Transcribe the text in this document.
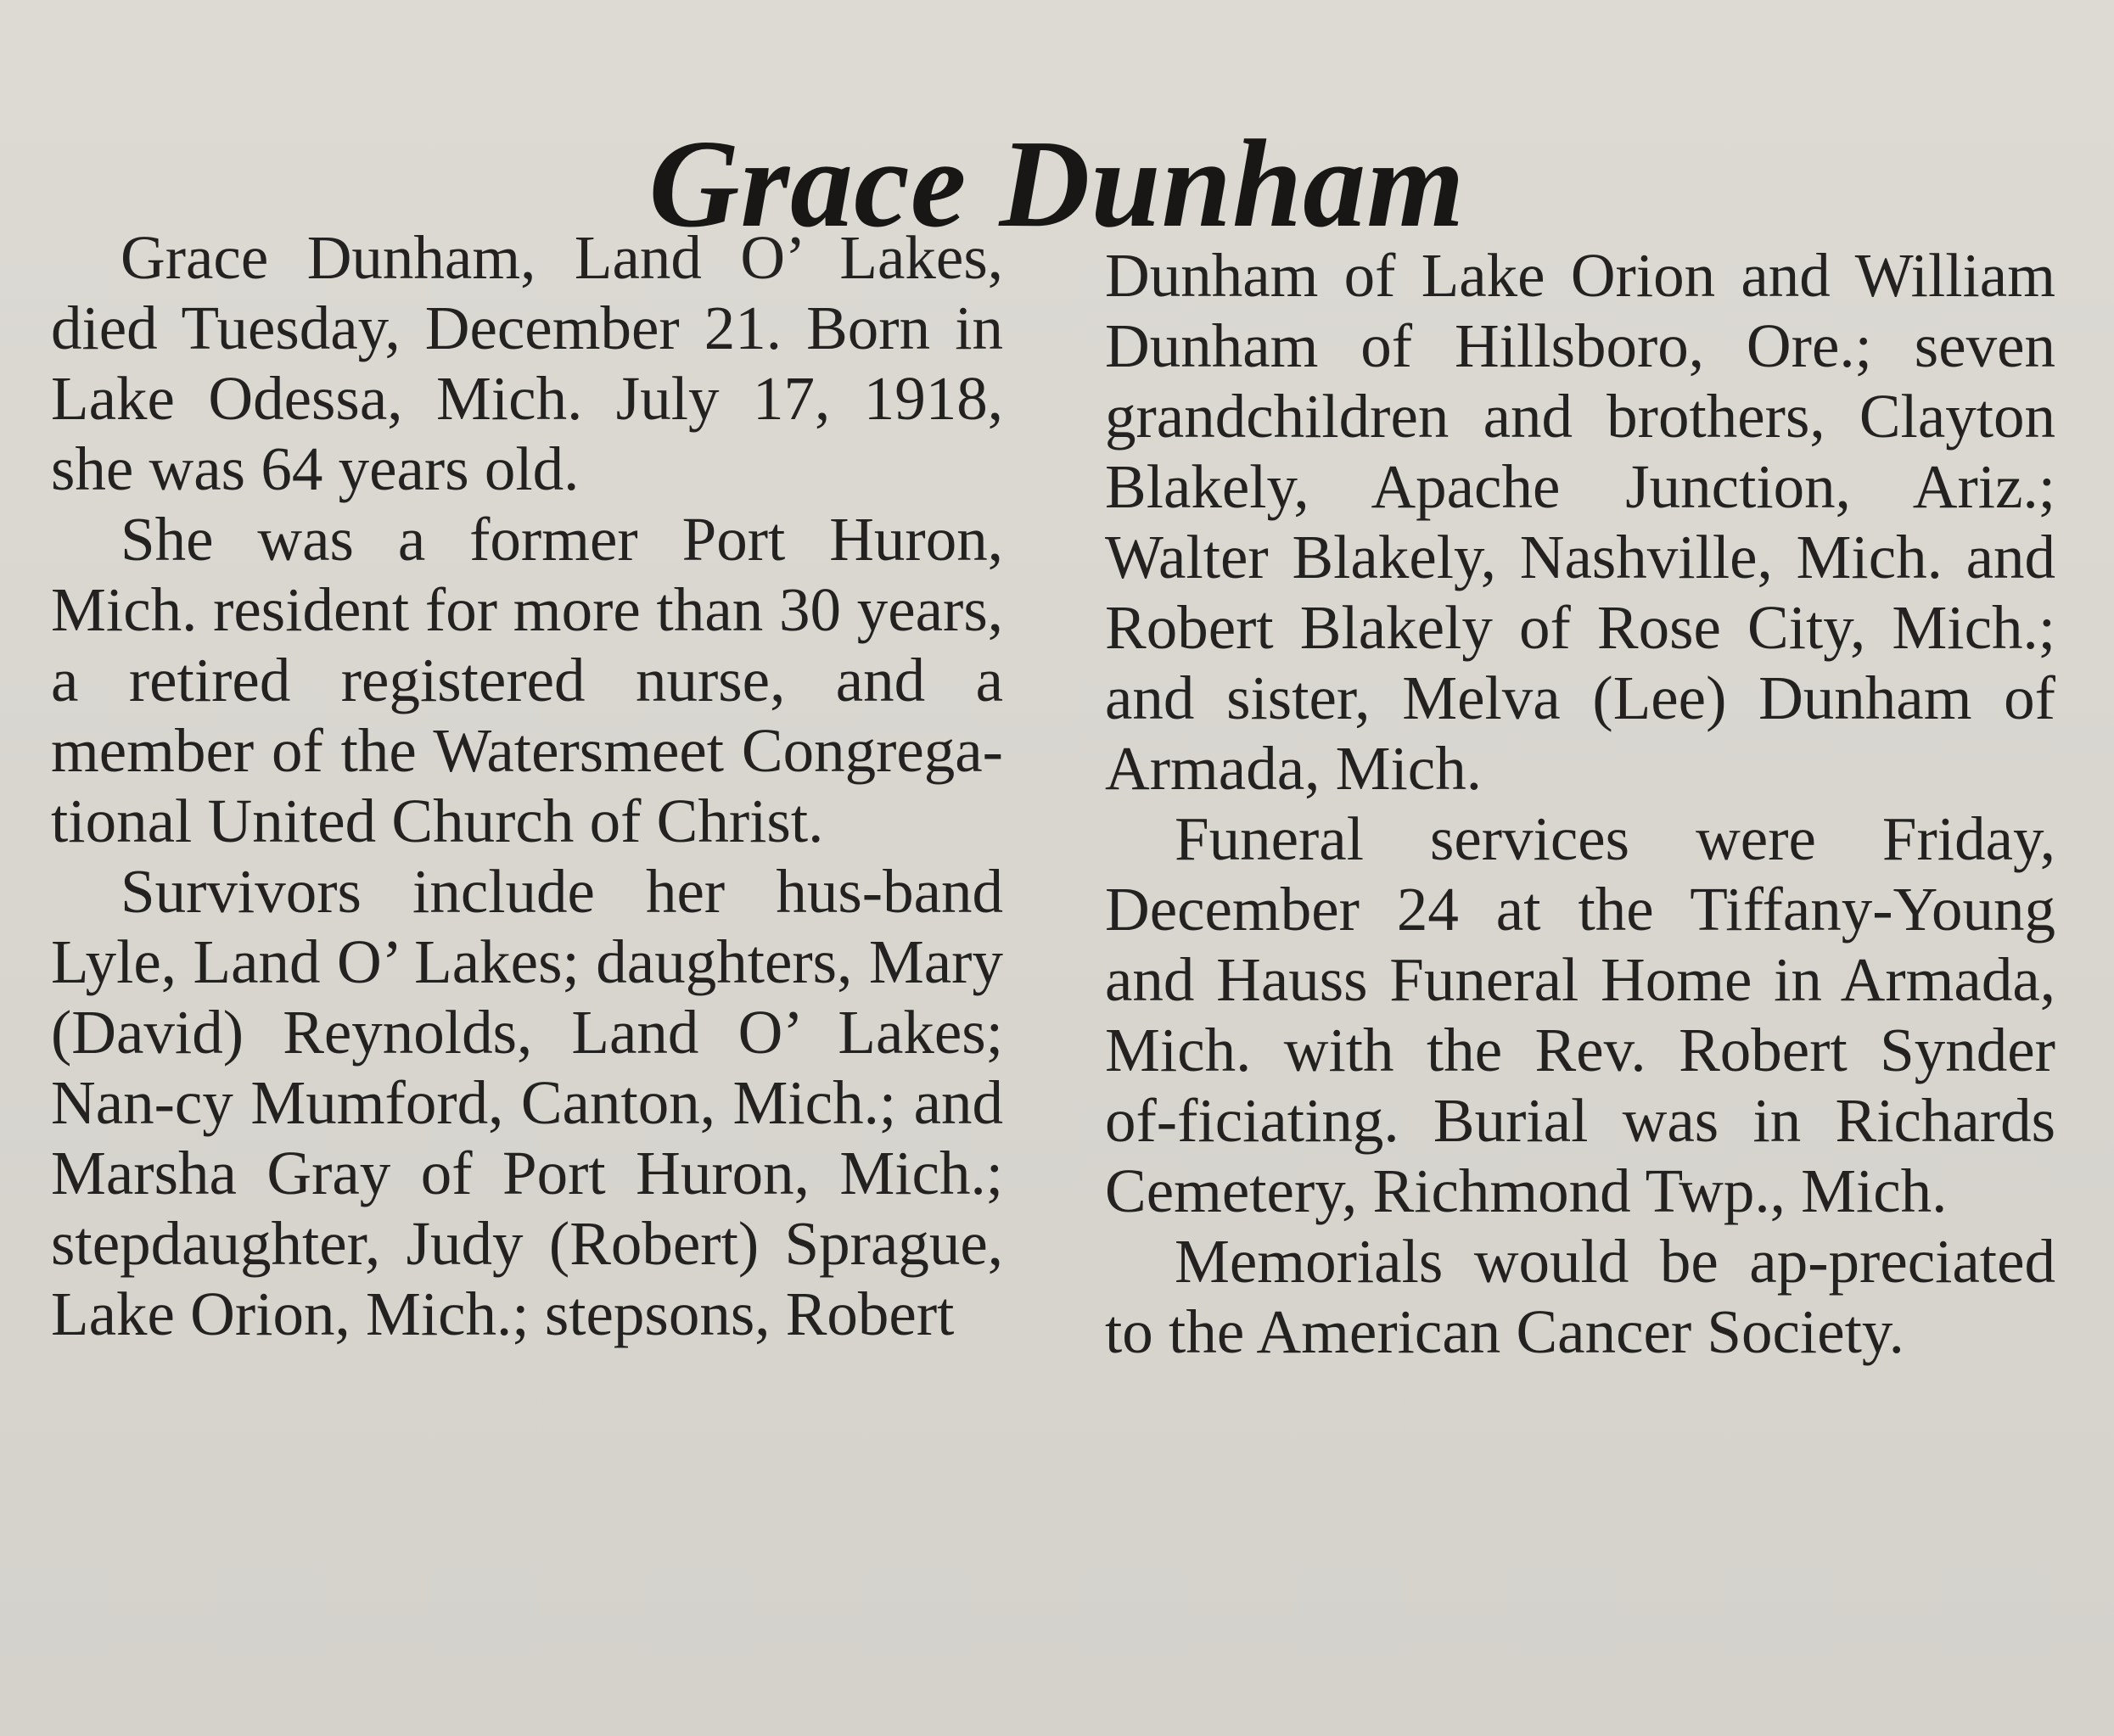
Grace Dunham

Grace Dunham, Land O’ Lakes, died Tuesday, December 21. Born in Lake Odessa, Mich. July 17, 1918, she was 64 years old.

She was a former Port Huron, Mich. resident for more than 30 years, a retired registered nurse, and a member of the Watersmeet Congrega-tional United Church of Christ.

Survivors include her hus-band Lyle, Land O’ Lakes; daughters, Mary (David) Reynolds, Land O’ Lakes; Nan-cy Mumford, Canton, Mich.; and Marsha Gray of Port Huron, Mich.; stepdaughter, Judy (Robert) Sprague, Lake Orion, Mich.; stepsons, Robert

Dunham of Lake Orion and William Dunham of Hillsboro, Ore.; seven grandchildren and brothers, Clayton Blakely, Apache Junction, Ariz.; Walter Blakely, Nashville, Mich. and Robert Blakely of Rose City, Mich.; and sister, Melva (Lee) Dunham of Armada, Mich.

Funeral services were Friday, December 24 at the Tiffany-Young and Hauss Funeral Home in Armada, Mich. with the Rev. Robert Synder of-ficiating. Burial was in Richards Cemetery, Richmond Twp., Mich.

Memorials would be ap-preciated to the American Cancer Society.
